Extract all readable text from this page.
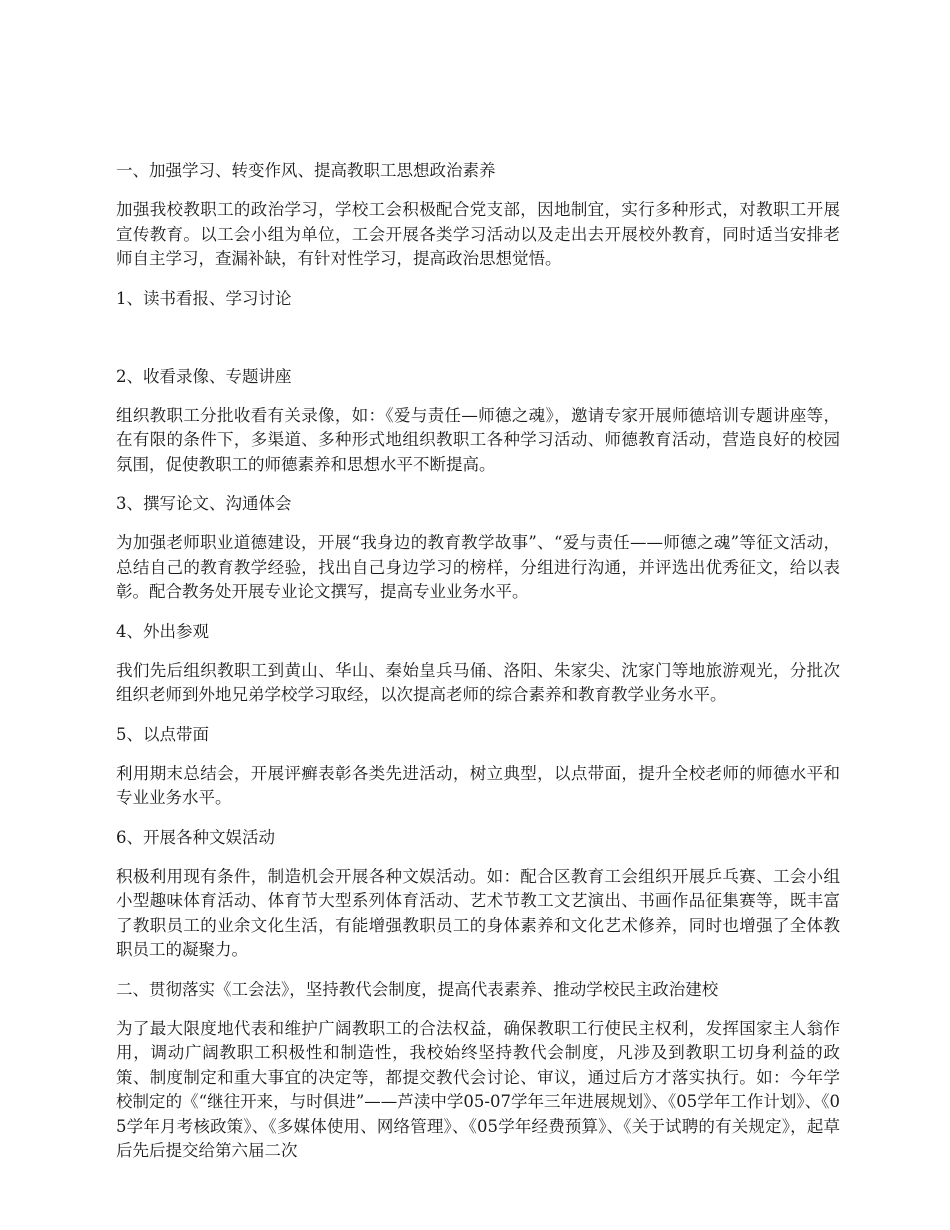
一、加强学习、转变作风、提高教职工思想政治素养
加强我校教职工的政治学习，学校工会积极配合党支部，因地制宜，实行多种形式，对教职工开展宣传教育。以工会小组为单位，工会开展各类学习活动以及走出去开展校外教育，同时适当安排老师自主学习，查漏补缺，有针对性学习，提高政治思想觉悟。
1、读书看报、学习讨论
2、收看录像、专题讲座
组织教职工分批收看有关录像，如：《爱与责任—师德之魂》，邀请专家开展师德培训专题讲座等，在有限的条件下，多渠道、多种形式地组织教职工各种学习活动、师德教育活动，营造良好的校园氛围，促使教职工的师德素养和思想水平不断提高。
3、撰写论文、沟通体会
为加强老师职业道德建设，开展“我身边的教育教学故事”、“爱与责任——师德之魂”等征文活动，总结自己的教育教学经验，找出自己身边学习的榜样，分组进行沟通，并评选出优秀征文，给以表彰。配合教务处开展专业论文撰写，提高专业业务水平。
4、外出参观
我们先后组织教职工到黄山、华山、秦始皇兵马俑、洛阳、朱家尖、沈家门等地旅游观光，分批次组织老师到外地兄弟学校学习取经，以次提高老师的综合素养和教育教学业务水平。
5、以点带面
利用期末总结会，开展评癣表彰各类先进活动，树立典型，以点带面，提升全校老师的师德水平和专业业务水平。
6、开展各种文娱活动
积极利用现有条件，制造机会开展各种文娱活动。如：配合区教育工会组织开展乒乓赛、工会小组小型趣味体育活动、体育节大型系列体育活动、艺术节教工文艺演出、书画作品征集赛等，既丰富了教职员工的业余文化生活，有能增强教职员工的身体素养和文化艺术修养，同时也增强了全体教职员工的凝聚力。
二、贯彻落实《工会法》，坚持教代会制度，提高代表素养、推动学校民主政治建校
为了最大限度地代表和维护广阔教职工的合法权益，确保教职工行使民主权利，发挥国家主人翁作用，调动广阔教职工积极性和制造性，我校始终坚持教代会制度，凡涉及到教职工切身利益的政策、制度制定和重大事宜的决定等，都提交教代会讨论、审议，通过后方才落实执行。如：今年学校制定的《“继往开来，与时俱进”——芦渎中学05-07学年三年进展规划》、《05学年工作计划》、《05学年月考核政策》、《多媒体使用、网络管理》、《05学年经费预算》、《关于试聘的有关规定》，起草后先后提交给第六届二次
